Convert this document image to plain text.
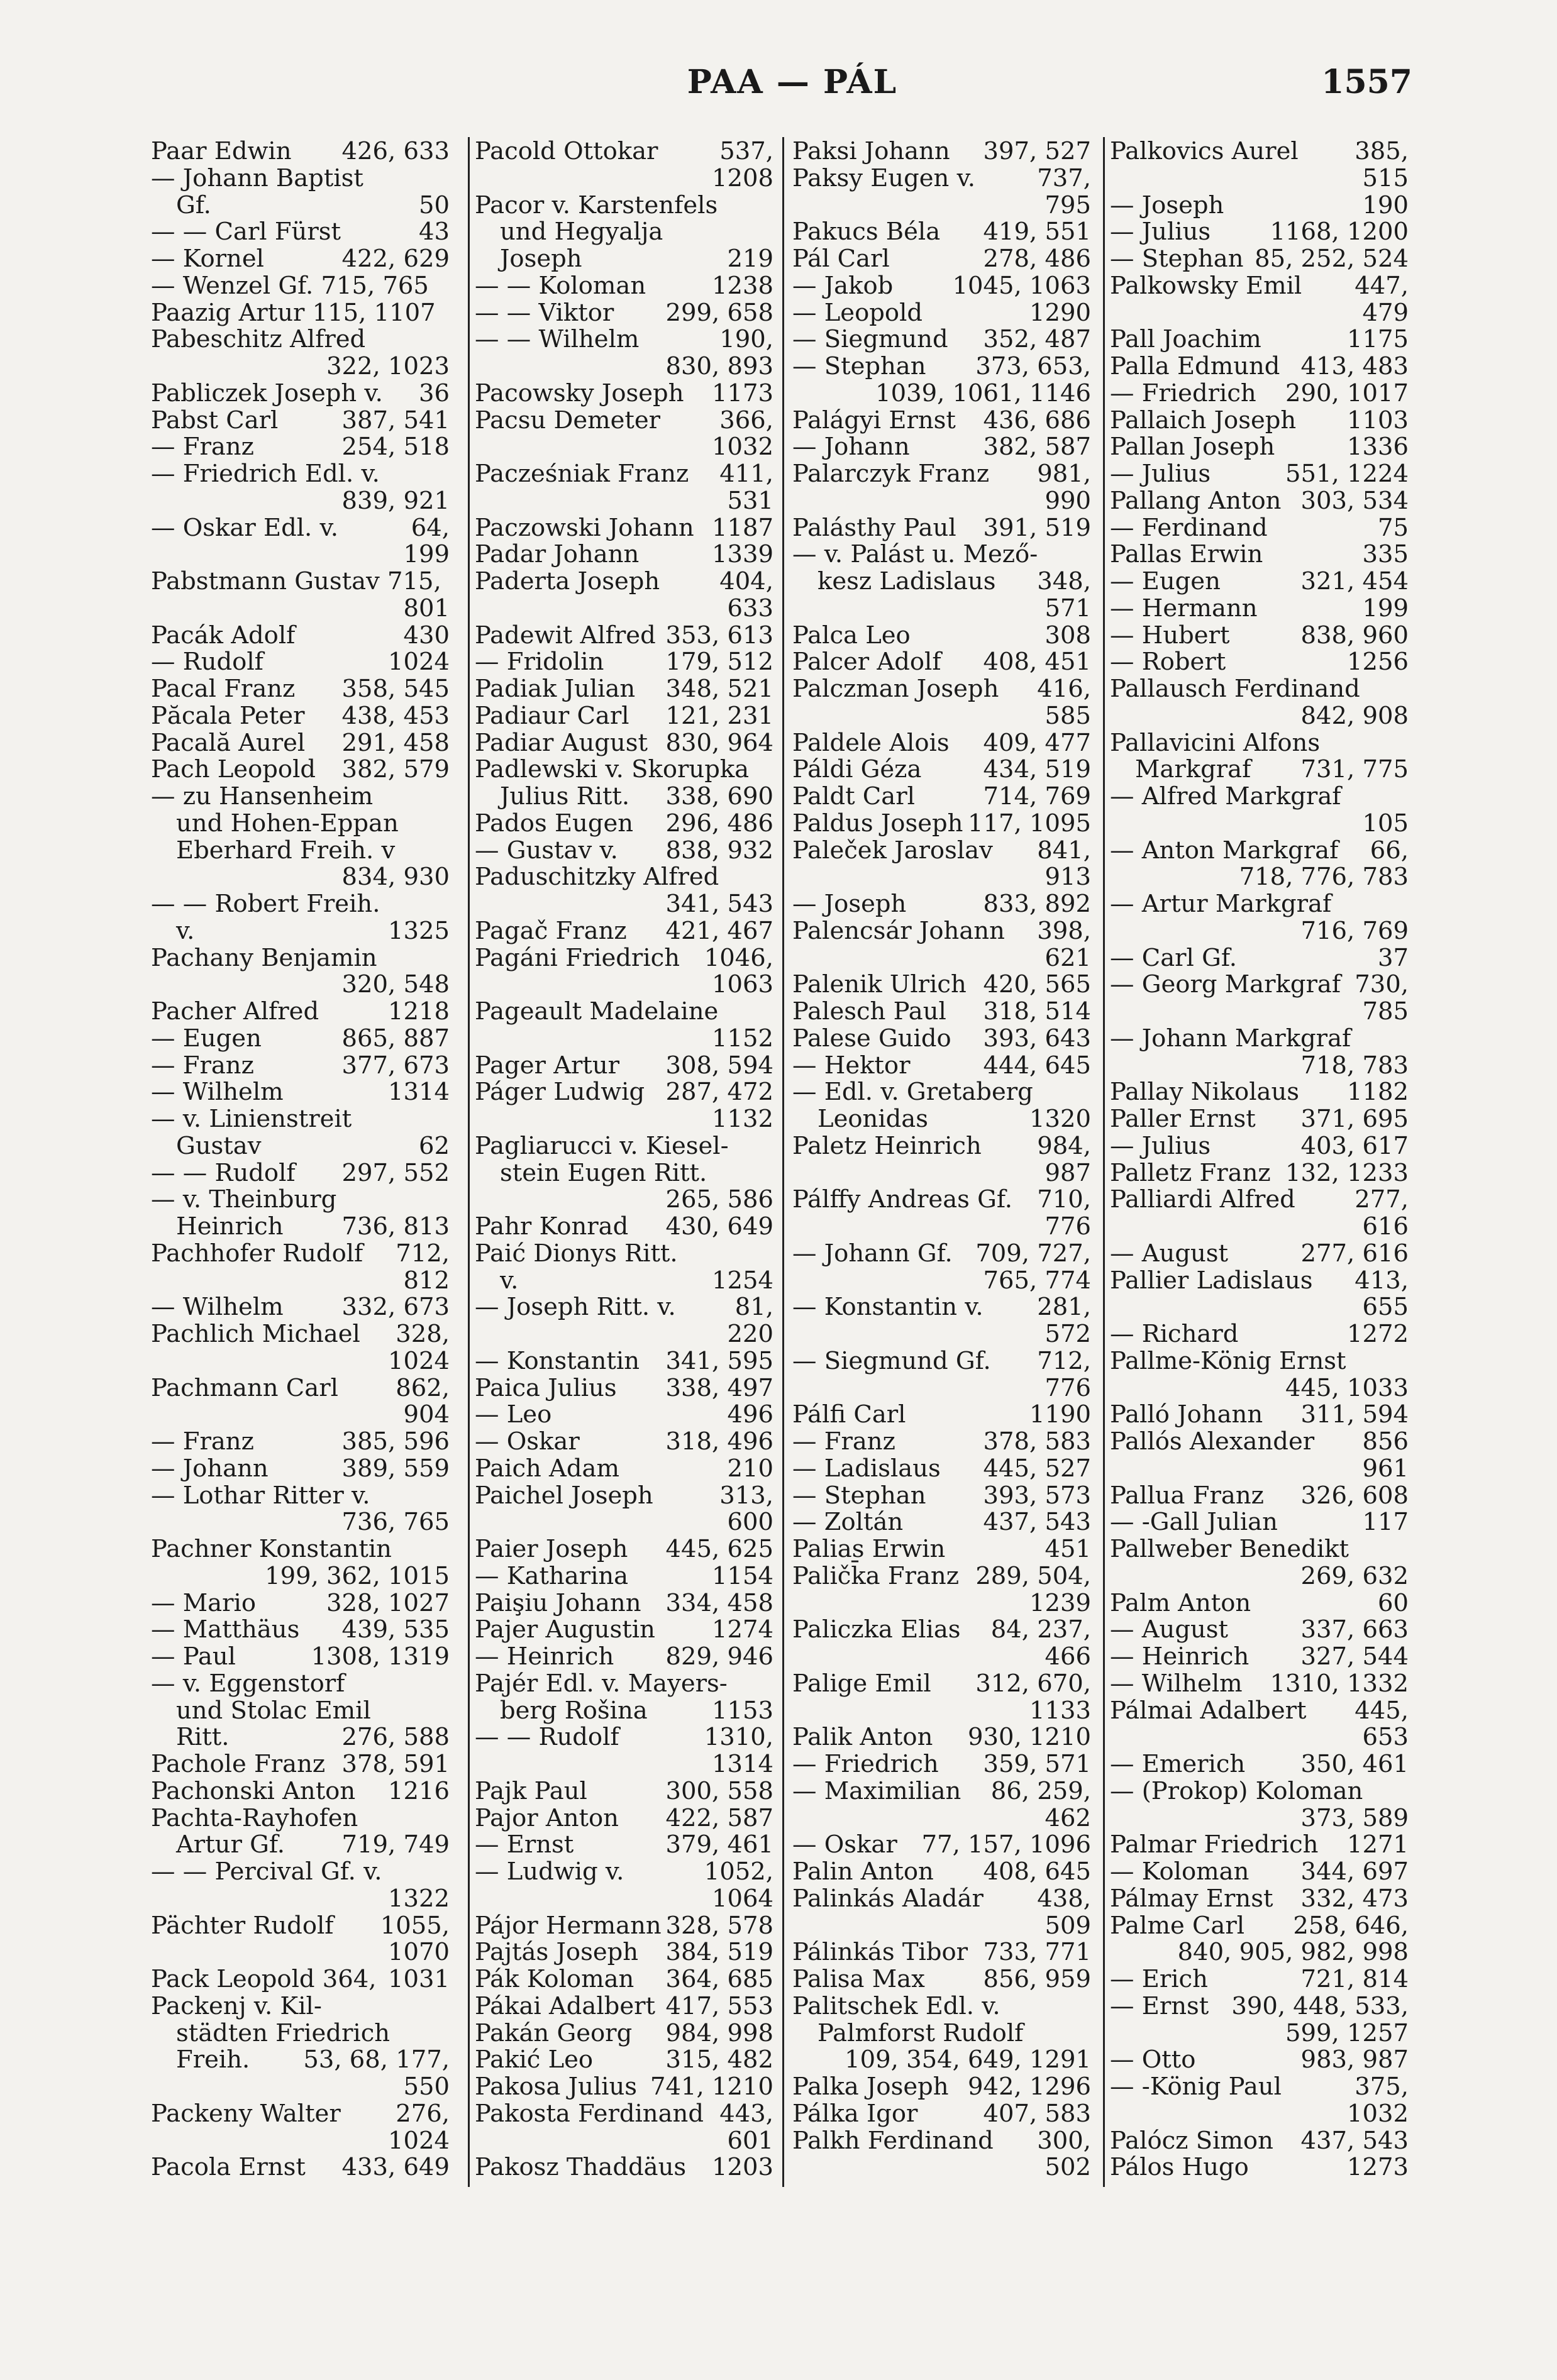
PAA — PÁL	1557
Paar Edwin 426, 633
— Johann Baptist
Gf.	50
— — Carl Fürst	43
— Kornel	422, 629
— Wenzel Gf. 715, 765
Paazig Artur 115, 1107
Pabeschitz Alfred
322, 1023
Pabliczek Joseph v. 36
Pabst Carl	387, 541
— Franz	254, 518
— Friedrich Edl. v.
839, 921
— Oskar Edl. v.	64,
199
Pabstmann Gustav 715,
801
Pacák Adolf	430
— Rudolf	1024
Pacal Franz 358, 545
Păcala Peter 438, 453
Pacală Aurel 291, 458
Pach Leopold 382, 579
— zu Hansenheim
und Hohen-Eppan
Eberhard Freih. v
834, 930
— — Robert Freih.
v.	1325
Pachany Benjamin
320, 548
Pacher Alfred	1218
— Eugen	865, 887
— Franz	377, 673
— Wilhelm	1314
— v. Linienstreit
Gustav	62
— — Rudolf 297, 552
— v. Theinburg
Heinrich 736, 813
Pachhofer Rudolf 712,
812
— Wilhelm 332, 673
Pachlich Michael 328,
1024
Pachmann Carl 862,
904
— Franz	385, 596
— Johann	389, 559
— Lothar Ritter v.
736, 765
Pachner Konstantin
199, 362, 1015
— Mario	328, 1027
— Matthäus 439, 535
— Paul	1308, 1319
— v. Eggenstorf
und Stolac Emil
Ritt.	276, 588
Pachole Franz 378, 591
Pachonski Anton 1216
Pachta-Rayhofen
Artur Gf. 719, 749
— — Percival Gf. v.
1322
Pächter Rudolf 1055,
1070
Pack Leopold 364, 1031
Packenj v. Kil-
städten Friedrich
Freih. 53, 68, 177,
550
Packeny Walter 276,
1024
Pacola Ernst 433, 649
Pacold Ottokar	537,
1208
Pacor v. Karstenfels
und Hegyalja
Joseph	219
— — Koloman	1238
— — Viktor 299, 658
— — Wilhelm	190,
830, 893
Pacowsky Joseph 1173
Pacsu Demeter 366,
1032
Pacześniak Franz 411,
531
Paczowski Johann 1187
Padar Johann	1339
Paderta Joseph 404,
633
Padewit Alfred 353, 613
— Fridolin	179, 512
Padiak Julian 348, 521
Padiaur Carl 121, 231
Padiar August 830, 964
Padlewski v. Skorupka
Julius Ritt. 338, 690
Pados Eugen 296, 486
— Gustav v. 838, 932
Paduschitzky Alfred
341, 543
Pagač Franz 421, 467
Pagáni Friedrich 1046,
1063
Pageault Madelaine
1152
Pager Artur 308, 594
Páger Ludwig 287, 472
1132
Pagliarucci v. Kiesel-
stein Eugen Ritt.
265, 586
Pahr Konrad 430, 649
Paić Dionys Ritt.
v.	1254
— Joseph Ritt. v. 81,
220
— Konstantin 341, 595
Paica Julius 338, 497
— Leo	496
— Oskar	318, 496
Paich Adam	210
Paichel Joseph	313,
600
Paier Joseph 445, 625
— Katharina	1154
Paişiu Johann 334, 458
Pajer Augustin 1274
— Heinrich 829, 946
Pajér Edl. v. Mayers-
berg Rošina	1153
— — Rudolf	1310,
1314
Pajk Paul	300, 558
Pajor Anton 422, 587
— Ernst	379, 461
— Ludwig v.	1052,
1064
Pájor Hermann 328, 578
Pajtás Joseph 384, 519
Pák Koloman 364, 685
Pákai Adalbert 417, 553
Pakán Georg 984, 998
Pakić Leo	315, 482
Pakosa Julius 741, 1210
Pakosta Ferdinand 443,
601
Pakosz Thaddäus 1203
Paksi Johann 397, 527
Paksy Eugen v.	737,
795
Pakucs Béla 419, 551
Pál Carl	278, 486
— Jakob 1045, 1063
— Leopold	1290
— Siegmund 352, 487
— Stephan 373, 653,
1039, 1061, 1146
Palágyi Ernst 436, 686
— Johann	382, 587
Palarczyk Franz 981,
990
Palásthy Paul 391, 519
— v. Palást u. Mező-
kesz Ladislaus 348,
571
Palca Leo	308
Palcer Adolf 408, 451
Palczman Joseph 416,
585
Paldele Alois 409, 477
Páldi Géza	434, 519
Paldt Carl	714, 769
Paldus Joseph 117, 1095
Paleček Jaroslav 841,
913
— Joseph	833, 892
Palencsár Johann 398,
621
Palenik Ulrich 420, 565
Palesch Paul 318, 514
Palese Guido 393, 643
— Hektor	444, 645
— Edl. v. Gretaberg
Leonidas	1320
Paletz Heinrich 984,
987
Pálffy Andreas Gf. 710,
776
— Johann Gf. 709, 727,
765, 774
— Konstantin v. 281,
572
— Siegmund Gf. 712,
776
Pálfi Carl	1190
— Franz	378, 583
— Ladislaus 445, 527
— Stephan 393, 573
— Zoltán	437, 543
Palias Erwin	451
Paličk̄a Franz 289, 504,
1239
Paliczka Elias 84, 237,
466
Palige Emil 312, 670,
1133
Palik Anton 930, 1210
— Friedrich 359, 571
— Maximilian 86, 259,
462
— Oskar 77, 157, 1096
Palin Anton 408, 645
Palinkás Aladár 438,
509
Pálinkás Tibor 733, 771
Palisa Max 856, 959
Palitschek Edl. v.
Palmforst Rudolf
109, 354, 649, 1291
Palka Joseph 942, 1296
Pálka Igor	407, 583
Palkh Ferdinand 300,
502
Palkovics Aurel 385,
515
— Joseph	190
— Julius 1168, 1200
— Stephan 85, 252, 524
Palkowsky Emil 447,
479
Pall Joachim	1175
Palla Edmund 413, 483
— Friedrich 290, 1017
Pallaich Joseph 1103
Pallan Joseph	1336
— Julius	551, 1224
Pallang Anton 303, 534
— Ferdinand	75
Pallas Erwin	335
— Eugen	321, 454
— Hermann	199
— Hubert	838, 960
— Robert	1256
Pallausch Ferdinand
842, 908
Pallavicini Alfons
Markgraf 731, 775
— Alfred Markgraf
105
— Anton Markgraf 66,
718, 776, 783
— Artur Markgraf
716, 769
— Carl Gf.	37
— Georg Markgraf 730,
785
— Johann Markgraf
718, 783
Pallay Nikolaus 1182
Paller Ernst 371, 695
— Julius	403, 617
Palletz Franz 132, 1233
Palliardi Alfred 277,
616
— August	277, 616
Pallier Ladislaus 413,
655
— Richard	1272
Pallme-König Ernst
445, 1033
Palló Johann 311, 594
Pallós Alexander 856
961
Pallua Franz 326, 608
— -Gall Julian	117
Pallweber Benedikt
269, 632
Palm Anton	60
— August	337, 663
— Heinrich 327, 544
— Wilhelm 1310, 1332
Pálmai Adalbert 445,
653
— Emerich 350, 461
— (Prokop) Koloman
373, 589
Palmar Friedrich 1271
— Koloman 344, 697
Pálmay Ernst 332, 473
Palme Carl 258, 646,
840, 905, 982, 998
— Erich	721, 814
— Ernst 390, 448, 533,
599, 1257
— Otto	983, 987
— -König Paul	375,
1032
Palócz Simon 437, 543
Pálos Hugo	1273
